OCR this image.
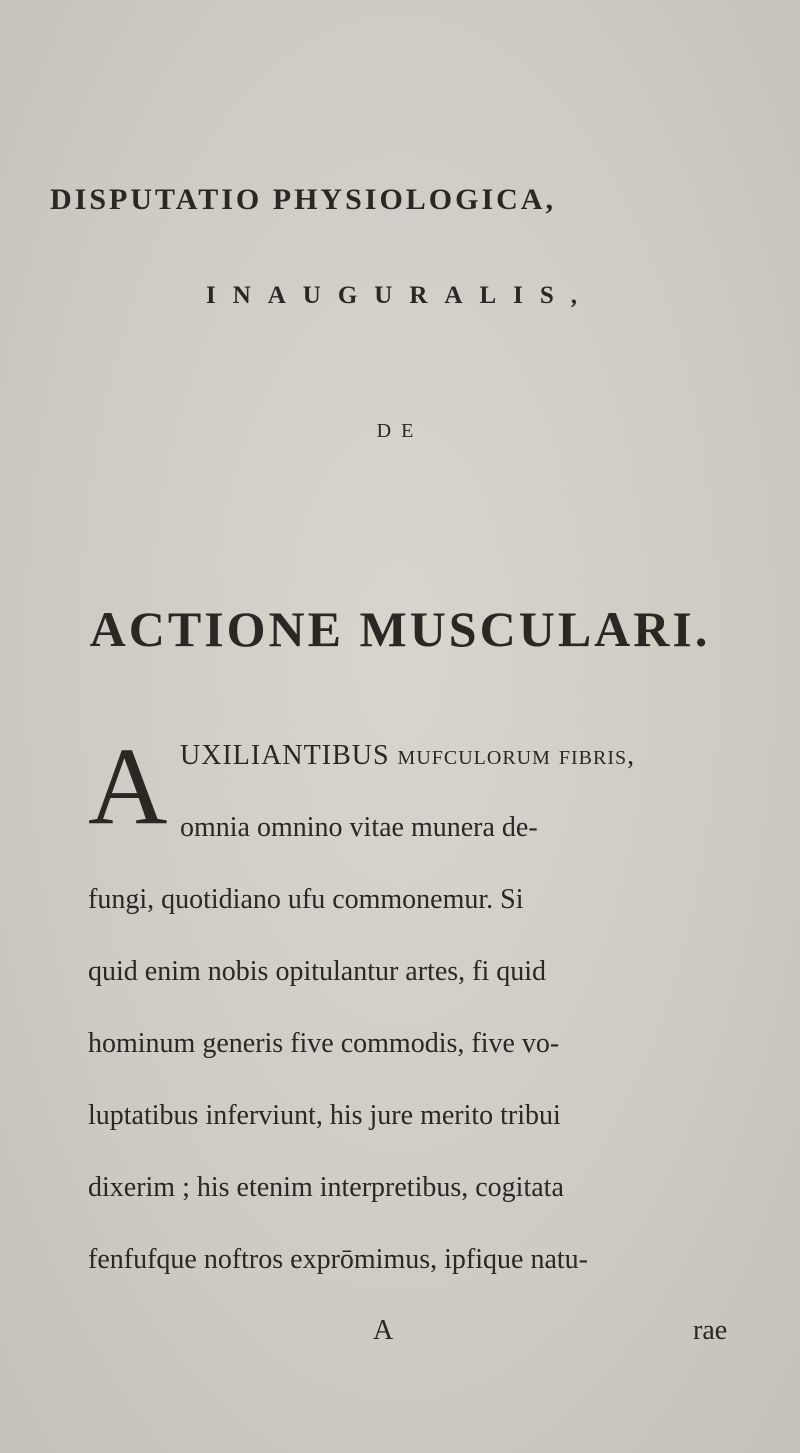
DISPUTATIO PHYSIOLOGICA,
INAUGURALIS,
DE
ACTIONE MUSCULARI.
A UXILIANTIBUS mufculorum fibris,
omnia omnino vitae munera de-
fungi, quotidiano ufu commonemur. Si
quid enim nobis opitulantur artes, fi quid
hominum generis five commodis, five vo-
luptatibus inferviunt, his jure merito tribui
dixerim ; his etenim interpretibus, cogitata
fenfufque noftros exprōmimus, ipfique natu-
A	rae
